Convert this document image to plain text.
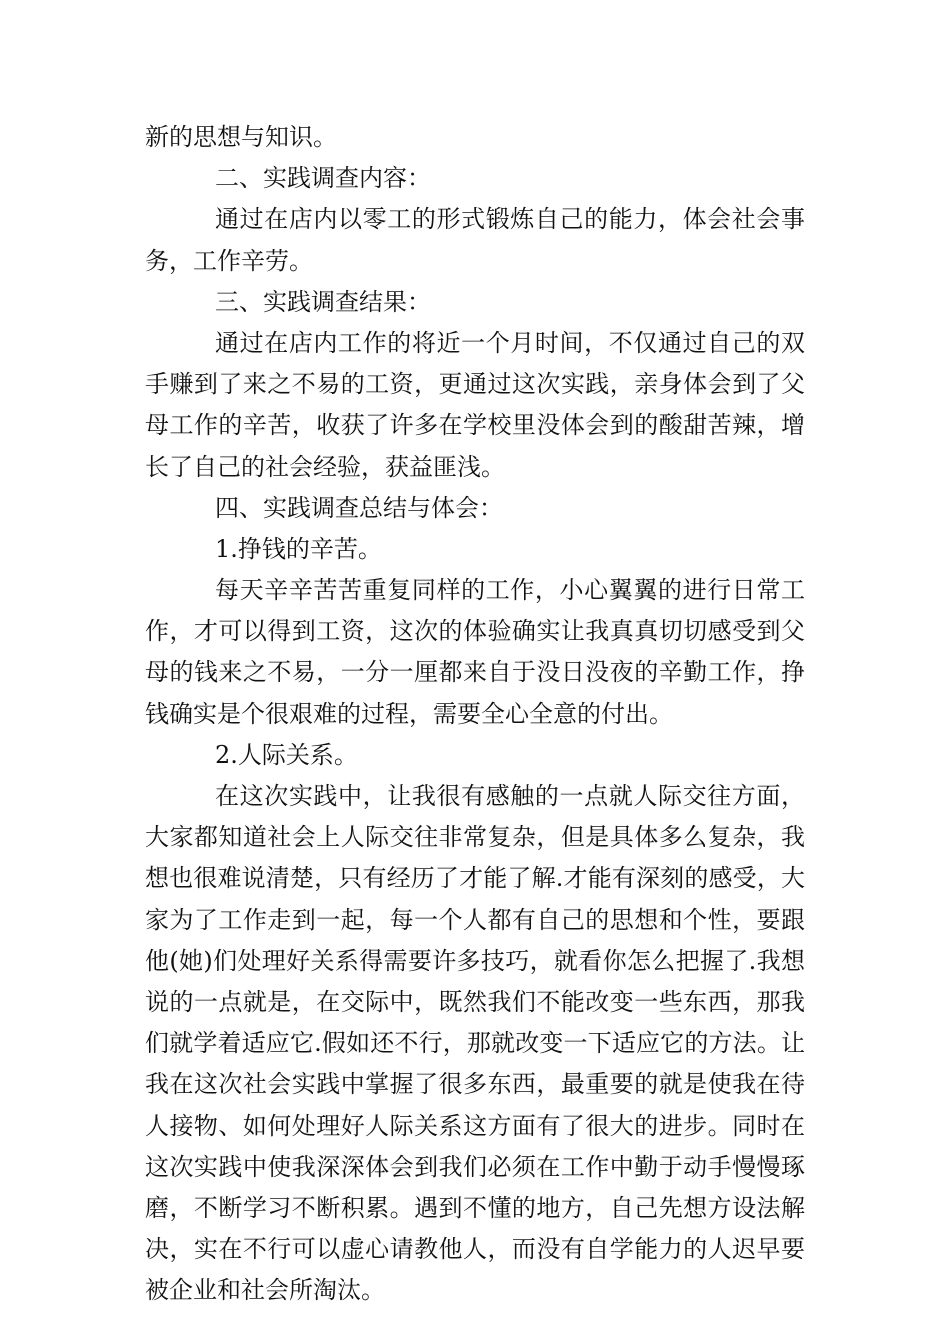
新的思想与知识。
二、实践调查内容：
通过在店内以零工的形式锻炼自己的能力，体会社会事
务，工作辛劳。
三、实践调查结果：
通过在店内工作的将近一个月时间，不仅通过自己的双
手赚到了来之不易的工资，更通过这次实践，亲身体会到了父
母工作的辛苦，收获了许多在学校里没体会到的酸甜苦辣，增
长了自己的社会经验，获益匪浅。
四、实践调查总结与体会：
1.挣钱的辛苦。
每天辛辛苦苦重复同样的工作，小心翼翼的进行日常工
作，才可以得到工资，这次的体验确实让我真真切切感受到父
母的钱来之不易，一分一厘都来自于没日没夜的辛勤工作，挣
钱确实是个很艰难的过程，需要全心全意的付出。
2.人际关系。
在这次实践中，让我很有感触的一点就人际交往方面，
大家都知道社会上人际交往非常复杂，但是具体多么复杂，我
想也很难说清楚，只有经历了才能了解.才能有深刻的感受，大
家为了工作走到一起，每一个人都有自己的思想和个性，要跟
他(她)们处理好关系得需要许多技巧，就看你怎么把握了.我想
说的一点就是，在交际中，既然我们不能改变一些东西，那我
们就学着适应它.假如还不行，那就改变一下适应它的方法。让
我在这次社会实践中掌握了很多东西，最重要的就是使我在待
人接物、如何处理好人际关系这方面有了很大的进步。同时在
这次实践中使我深深体会到我们必须在工作中勤于动手慢慢琢
磨，不断学习不断积累。遇到不懂的地方，自己先想方设法解
决，实在不行可以虚心请教他人，而没有自学能力的人迟早要
被企业和社会所淘汰。
